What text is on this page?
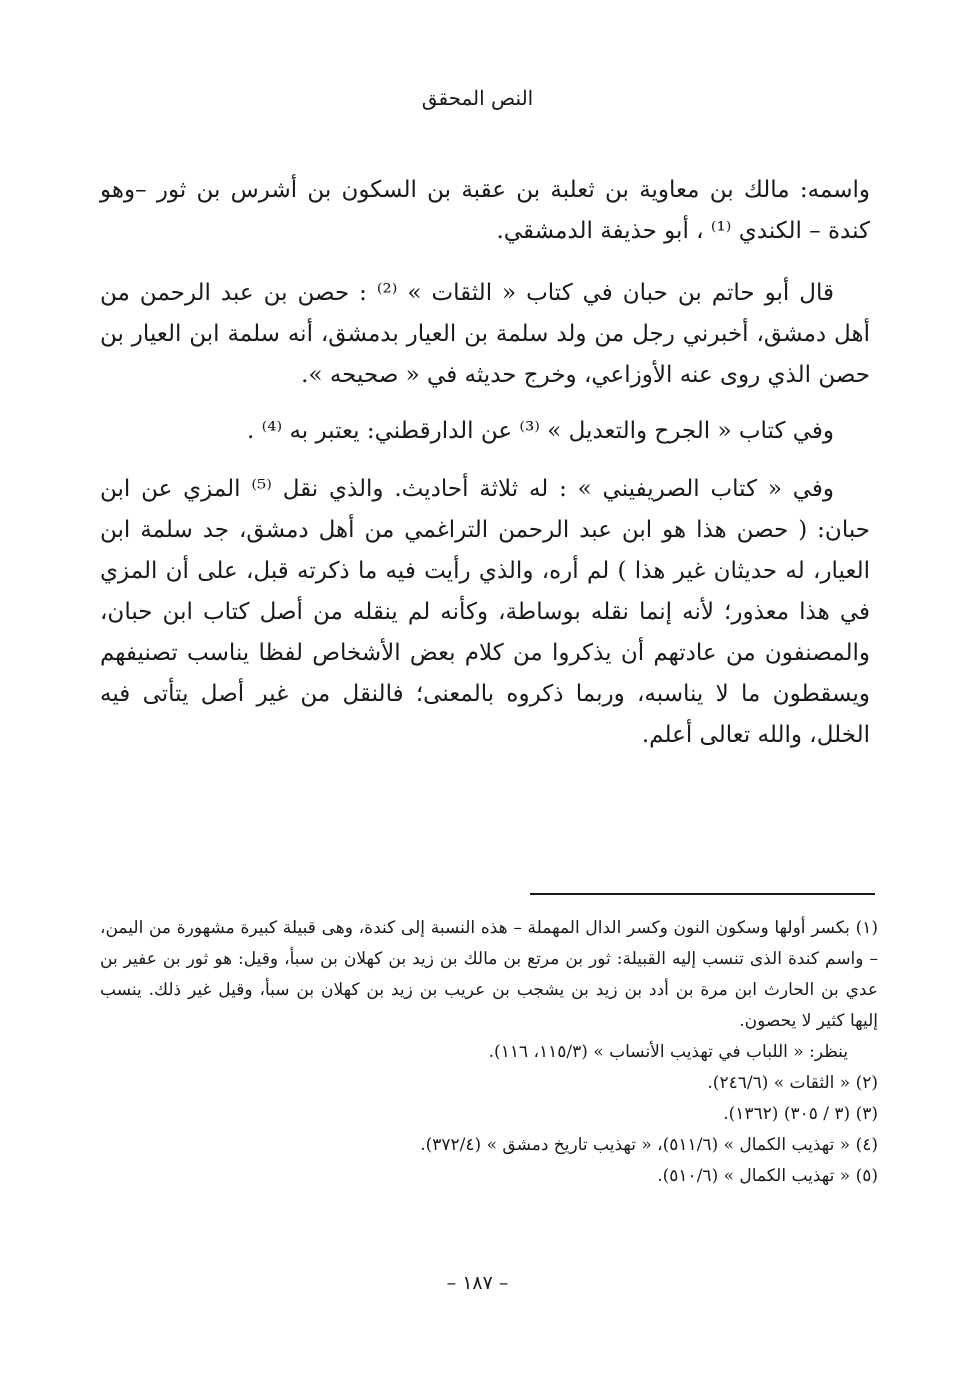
النص المحقق

واسمه: مالك بن معاوية بن ثعلبة بن عقبة بن السكون بن أشرس بن ثور –وهو كندة – الكندي ⁽¹⁾ ، أبو حذيفة الدمشقي.

قال أبو حاتم بن حبان في كتاب « الثقات » ⁽²⁾ : حصن بن عبد الرحمن من أهل دمشق، أخبرني رجل من ولد سلمة بن العيار بدمشق، أنه سلمة ابن العيار بن حصن الذي روى عنه الأوزاعي، وخرج حديثه في « صحيحه ».

وفي كتاب « الجرح والتعديل » ⁽³⁾ عن الدارقطني: يعتبر به ⁽⁴⁾ .

وفي « كتاب الصريفيني » : له ثلاثة أحاديث. والذي نقل ⁽⁵⁾ المزي عن ابن حبان: ( حصن هذا هو ابن عبد الرحمن التراغمي من أهل دمشق، جد سلمة ابن العيار، له حديثان غير هذا ) لم أره، والذي رأيت فيه ما ذكرته قبل، على أن المزي في هذا معذور؛ لأنه إنما نقله بوساطة، وكأنه لم ينقله من أصل كتاب ابن حبان، والمصنفون من عادتهم أن يذكروا من كلام بعض الأشخاص لفظا يناسب تصنيفهم ويسقطون ما لا يناسبه، وربما ذكروه بالمعنى؛ فالنقل من غير أصل يتأتى فيه الخلل، والله تعالى أعلم.

(١) بكسر أولها وسكون النون وكسر الدال المهملة – هذه النسبة إلى كندة، وهى قبيلة كبيرة مشهورة من اليمن، – واسم كندة الذى تنسب إليه القبيلة: ثور بن مرتع بن مالك بن زيد بن كهلان بن سبأ، وقيل: هو ثور بن عفير بن عدي بن الحارث ابن مرة بن أدد بن زيد بن يشجب بن عريب بن زيد بن كهلان بن سبأ، وقيل غير ذلك. ينسب إليها كثير لا يحصون.

ينظر: « اللباب في تهذيب الأنساب » (١١٥/٣، ١١٦).

(٢) « الثقات » (٢٤٦/٦).

(٣) (٣ / ٣٠٥) (١٣٦٢).

(٤) « تهذيب الكمال » (٥١١/٦)، « تهذيب تاريخ دمشق » (٣٧٢/٤).

(٥) « تهذيب الكمال » (٥١٠/٦).

– ١٨٧ –
